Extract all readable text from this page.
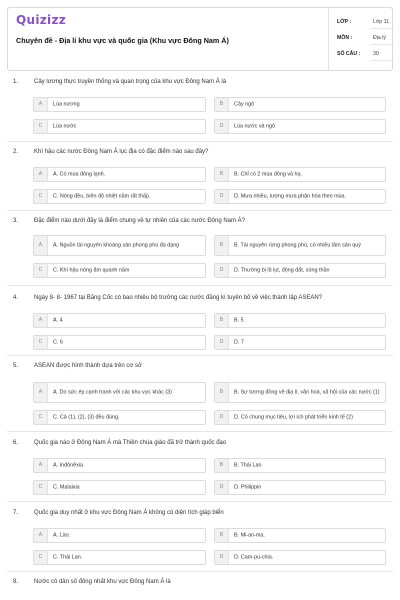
Quizizz
Chuyên đề - Địa lí khu vực và quốc gia (Khu vực Đông Nam Á)
LỚP :	Lớp 11
MÔN :	Địa lý
SỐ CÂU : 30
1.	Cây lương thực truyền thống và quan trọng của khu vực Đông Nam Á là
A	Lúa nương	B	Cây ngô
C	Lúa nước	D	Lúa nước và ngô
2.	Khí hậu các nước Đông Nam Á lục địa có đặc điểm nào sau đây?
A	A. Có mùa đông lạnh.	B	B. Chỉ có 2 mùa đông và hạ.
C	C. Nóng đều, biên độ nhiệt năm rất thấp.	D	D. Mưa nhiều, lượng mưa phân hóa theo mùa.
3.	Đặc điểm nào dưới đây là điểm chung về tự nhiên của các nước Đông Nam Á?
A	A. Nguồn tài nguyên khoáng sản phong phú đa dạng	B	B. Tài nguyên rừng phong phú, có nhiều lâm sản quý
C	C. Khí hậu nóng ẩm quanh năm	D	D. Thường bị lũ lụt, động đất, sóng thần
4.	Ngày 8- 8- 1967 tại Băng Cốc có bao nhiêu bộ trưởng các nước đăng kí tuyên bố về việc thành lập ASEAN?
A	A. 4	B	B. 5
C	C. 6	D	D. 7
5.	ASEAN được hình thành dựa trên cơ sở
A	A. Do sức ép cạnh tranh với các khu vực khác (3)	B	B. Sự tương đồng về địa lí, văn hoá, xã hội của các nước (1)
C	C. Cả (1), (2), (3) đều đúng.	D	D. Có chung mục tiêu, lợi ích phát triển kinh tế (2)
6.	Quốc gia nào ở Đông Nam Á mà Thiên chúa giáo đã trở thành quốc đạo
A	A. Inđônêxia	B	B. Thái Lan
C	C. Malaixia	D	D. Philippin
7.	Quốc gia duy nhất ở khu vực Đông Nam Á không có diện tích giáp biển
A	A. Lào.	B	B. Mi-an-ma.
C	C. Thái Lan.	D	D. Cam-pu-chia.
8.	Nước có dân số đông nhất khu vực Đông Nam Á là
